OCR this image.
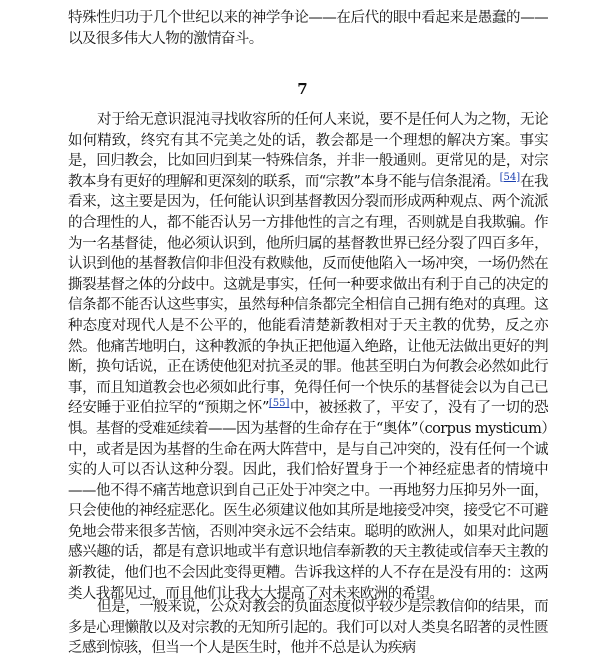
特殊性归功于几个世纪以来的神学争论——在后代的眼中看起来是愚蠢的——以及很多伟大人物的激情奋斗。
7
对于给无意识混沌寻找收容所的任何人来说，要不是任何人为之物，无论如何精致，终究有其不完美之处的话，教会都是一个理想的解决方案。事实是，回归教会，比如回归到某一特殊信条，并非一般通则。更常见的是，对宗教本身有更好的理解和更深刻的联系，而“宗教”本身不能与信条混淆。[54]在我看来，这主要是因为，任何能认识到基督教因分裂而形成两种观点、两个流派的合理性的人，都不能否认另一方排他性的言之有理，否则就是自我欺骗。作为一名基督徒，他必须认识到，他所归属的基督教世界已经分裂了四百多年，认识到他的基督教信仰非但没有救赎他，反而使他陷入一场冲突，一场仍然在撕裂基督之体的分歧中。这就是事实，任何一种要求做出有利于自己的决定的信条都不能否认这些事实，虽然每种信条都完全相信自己拥有绝对的真理。这种态度对现代人是不公平的，他能看清楚新教相对于天主教的优势，反之亦然。他痛苦地明白，这种教派的争执正把他逼入绝路，让他无法做出更好的判断，换句话说，正在诱使他犯对抗圣灵的罪。他甚至明白为何教会必然如此行事，而且知道教会也必须如此行事，免得任何一个快乐的基督徒会以为自己已经安睡于亚伯拉罕的“预期之怀”[55]中，被拯救了，平安了，没有了一切的恐惧。基督的受难延续着——因为基督的生命存在于“奥体”（corpus mysticum）中，或者是因为基督的生命在两大阵营中，是与自己冲突的，没有任何一个诚实的人可以否认这种分裂。因此，我们恰好置身于一个神经症患者的情境中——他不得不痛苦地意识到自己正处于冲突之中。一再地努力压抑另外一面，只会使他的神经症恶化。医生必须建议他如其所是地接受冲突，接受它不可避免地会带来很多苦恼，否则冲突永远不会结束。聪明的欧洲人，如果对此问题感兴趣的话，都是有意识地或半有意识地信奉新教的天主教徒或信奉天主教的新教徒，他们也不会因此变得更糟。告诉我这样的人不存在是没有用的：这两类人我都见过，而且他们让我大大提高了对未来欧洲的希望。
但是，一般来说，公众对教会的负面态度似乎较少是宗教信仰的结果，而多是心理懒散以及对宗教的无知所引起的。我们可以对人类臭名昭著的灵性匮乏感到惊骇，但当一个人是医生时，他并不总是认为疾病
